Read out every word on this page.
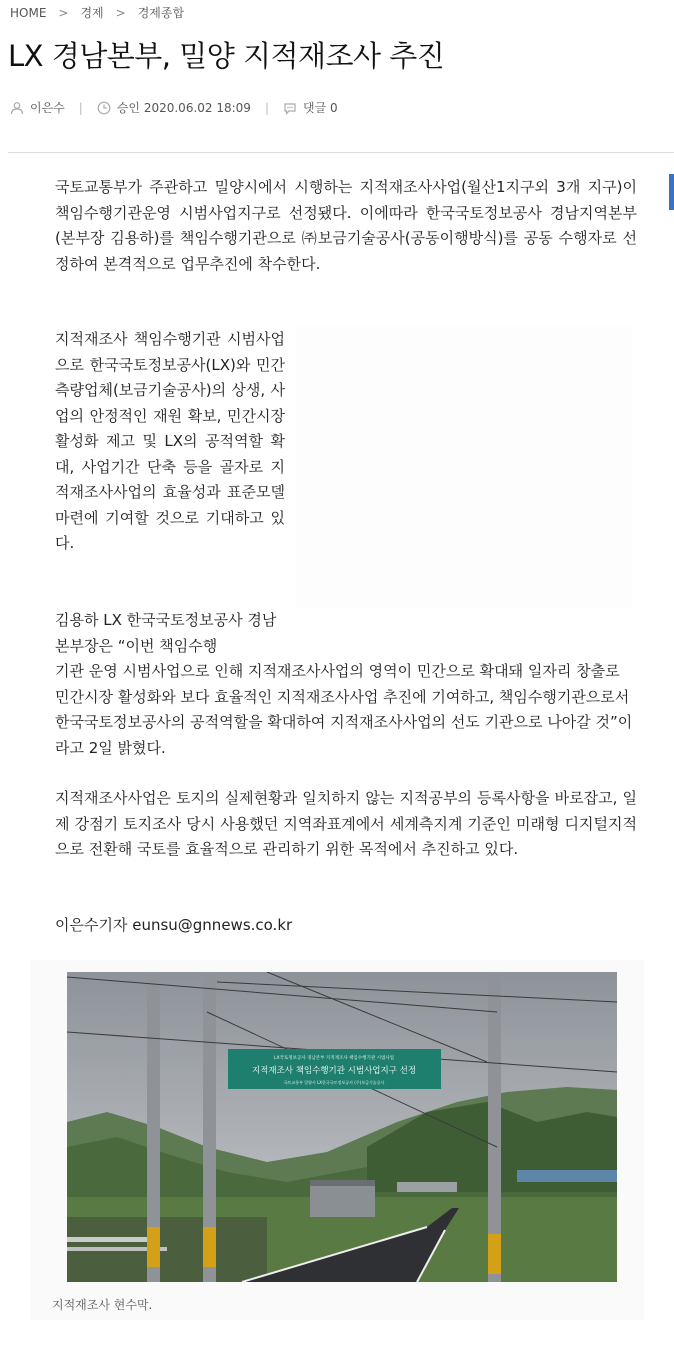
HOME > 경제 > 경제종합
LX 경남본부, 밀양 지적재조사 추진
이은수 |	승인 2020.06.02 18:09 |	댓글 0

국토교통부가 주관하고 밀양시에서 시행하는 지적재조사사업(월산1지구외 3개 지구)이 책임수행기관운영 시범사업지구로 선정됐다. 이에따라 한국국토정보공사 경남지역본부(본부장 김용하)를 책임수행기관으로 ㈜보금기술공사(공동이행방식)를 공동 수행자로 선정하여 본격적으로 업무추진에 착수한다.

지적재조사 책임수행기관 시범사업으로 한국국토정보공사(LX)와 민간 측량업체(보금기술공사)의 상생, 사업의 안정적인 재원 확보, 민간시장 활성화 제고 및 LX의 공적역할 확대, 사업기간 단축 등을 골자로 지적재조사사업의 효율성과 표준모델 마련에 기여할 것으로 기대하고 있다.

김용하 LX 한국국토정보공사 경남본부장은 “이번 책임수행

기관 운영 시범사업으로 인해 지적재조사사업의 영역이 민간으로 확대돼 일자리 창출로 민간시장 활성화와 보다 효율적인 지적재조사사업 추진에 기여하고, 책임수행기관으로서 한국국토정보공사의 공적역할을 확대하여 지적재조사사업의 선도 기관으로 나아갈 것”이라고 2일 밝혔다.

지적재조사사업은 토지의 실제현황과 일치하지 않는 지적공부의 등록사항을 바로잡고, 일제 강점기 토지조사 당시 사용했던 지역좌표계에서 세계측지계 기준인 미래형 디지털지적으로 전환해 국토를 효율적으로 관리하기 위한 목적에서 추진하고 있다.

이은수기자 eunsu@gnnews.co.kr

LX국토정보공사 경남본부 지적재조사 책임수행기관 시범사업
지적재조사 책임수행기관 시범사업지구 선정
국토교통부 밀양시 LX한국국토정보공사 (주)보금기술공사
지적재조사 현수막.
